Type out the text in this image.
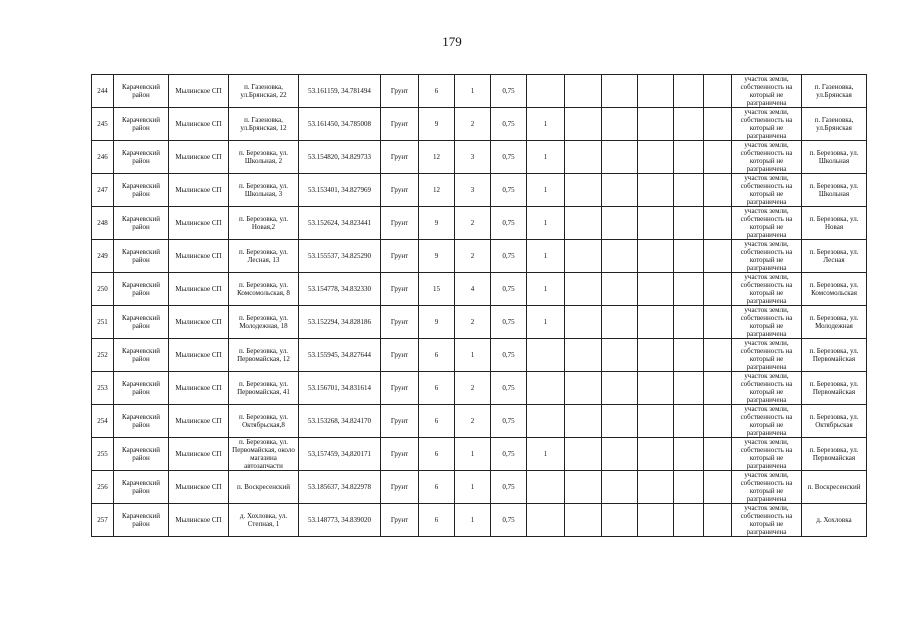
179
244	Карачевский район	Мылинское СП	п. Газеновка, ул.Брянская, 22	53.161159, 34.781494	Грунт	6	1	0,75							участок земли, собственность на который не разграничена	п. Газеновка, ул.Брянская
245	Карачевский район	Мылинское СП	п. Газеновка, ул.Брянская, 12	53.161450, 34.785008	Грунт	9	2	0,75	1						участок земли, собственность на который не разграничена	п. Газеновка, ул.Брянская
246	Карачевский район	Мылинское СП	п. Березовка, ул. Школьная, 2	53.154820, 34.829733	Грунт	12	3	0,75	1						участок земли, собственность на который не разграничена	п. Березовка, ул. Школьная
247	Карачевский район	Мылинское СП	п. Березовка, ул. Школьная, 3	53.153401, 34.827969	Грунт	12	3	0,75	1						участок земли, собственность на который не разграничена	п. Березовка, ул. Школьная
248	Карачевский район	Мылинское СП	п. Березовка, ул. Новая,2	53.152624, 34.823441	Грунт	9	2	0,75	1						участок земли, собственность на который не разграничена	п. Березовка, ул. Новая
249	Карачевский район	Мылинское СП	п. Березовка, ул. Лесная, 13	53.155537, 34.825290	Грунт	9	2	0,75	1						участок земли, собственность на который не разграничена	п. Березовка, ул. Лесная
250	Карачевский район	Мылинское СП	п. Березовка, ул. Комсомольская, 8	53.154778, 34.832330	Грунт	15	4	0,75	1						участок земли, собственность на который не разграничена	п. Березовка, ул. Комсомольская
251	Карачевский район	Мылинское СП	п. Березовка, ул. Молодежная, 18	53.152294, 34.828186	Грунт	9	2	0,75	1						участок земли, собственность на который не разграничена	п. Березовка, ул. Молодежная
252	Карачевский район	Мылинское СП	п. Березовка, ул. Первомайская, 12	53.155945, 34.827644	Грунт	6	1	0,75							участок земли, собственность на который не разграничена	п. Березовка, ул. Первомайская
253	Карачевский район	Мылинское СП	п. Березовка, ул. Первомайская, 41	53.156701, 34.831614	Грунт	6	2	0,75							участок земли, собственность на который не разграничена	п. Березовка, ул. Первомайская
254	Карачевский район	Мылинское СП	п. Березовка, ул. Октябрьская,8	53.153268, 34.824170	Грунт	6	2	0,75							участок земли, собственность на который не разграничена	п. Березовка, ул. Октябрьская
255	Карачевский район	Мылинское СП	п. Березовка, ул. Первомайская, около магазина автозапчасти	53,157459, 34,820171	Грунт	6	1	0,75	1						участок земли, собственность на который не разграничена	п. Березовка, ул. Первомайская
256	Карачевский район	Мылинское СП	п. Воскресенский	53.185637, 34.822978	Грунт	6	1	0,75							участок земли, собственность на который не разграничена	п. Воскресенский
257	Карачевский район	Мылинское СП	д. Хохловка, ул. Степная, 1	53.148773, 34.839020	Грунт	6	1	0,75							участок земли, собственность на который не разграничена	д. Хохловка
